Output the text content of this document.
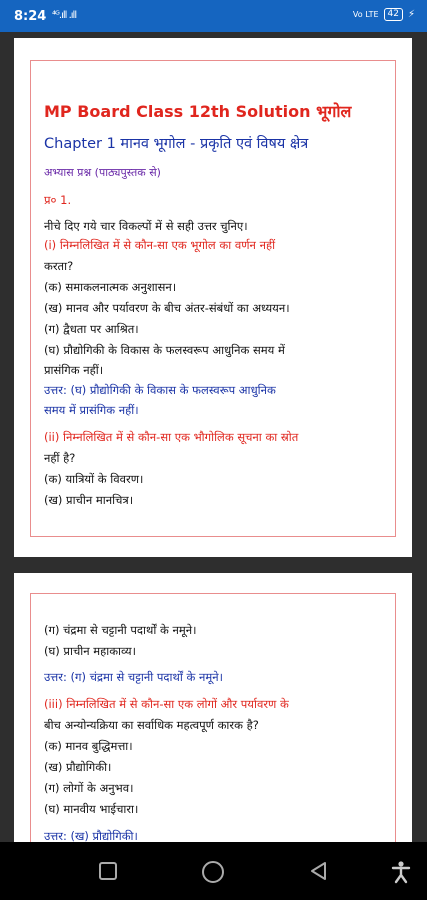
8:24 ⁴ᴳ.ıll .ıll	Vo LTE	42 ⚡
MP Board Class 12th Solution भूगोल
Chapter 1 मानव भूगोल - प्रकृति एवं विषय क्षेत्र
अभ्यास प्रश्न (पाठ्यपुस्तक से)
प्र० 1.
नीचे दिए गये चार विकल्पों में से सही उत्तर चुनिए।
(i) निम्नलिखित में से कौन-सा एक भूगोल का वर्णन नहीं
करता?
(क) समाकलनात्मक अनुशासन।
(ख) मानव और पर्यावरण के बीच अंतर-संबंधों का अध्ययन।
(ग) द्वैधता पर आश्रित।
(घ) प्रौद्योगिकी के विकास के फलस्वरूप आधुनिक समय में
प्रासंगिक नहीं।
उत्तर: (घ) प्रौद्योगिकी के विकास के फलस्वरूप आधुनिक
समय में प्रासंगिक नहीं।
(ii) निम्नलिखित में से कौन-सा एक भौगोलिक सूचना का स्रोत
नहीं है?
(क) यात्रियों के विवरण।
(ख) प्राचीन मानचित्र।
(ग) चंद्रमा से चट्टानी पदार्थों के नमूने।
(घ) प्राचीन महाकाव्य।
उत्तर: (ग) चंद्रमा से चट्टानी पदार्थों के नमूने।
(iii) निम्नलिखित में से कौन-सा एक लोगों और पर्यावरण के
बीच अन्योन्यक्रिया का सर्वाधिक महत्वपूर्ण कारक है?
(क) मानव बुद्धिमत्ता।
(ख) प्रौद्योगिकी।
(ग) लोगों के अनुभव।
(घ) मानवीय भाईचारा।
उत्तर: (ख) प्रौद्योगिकी।
